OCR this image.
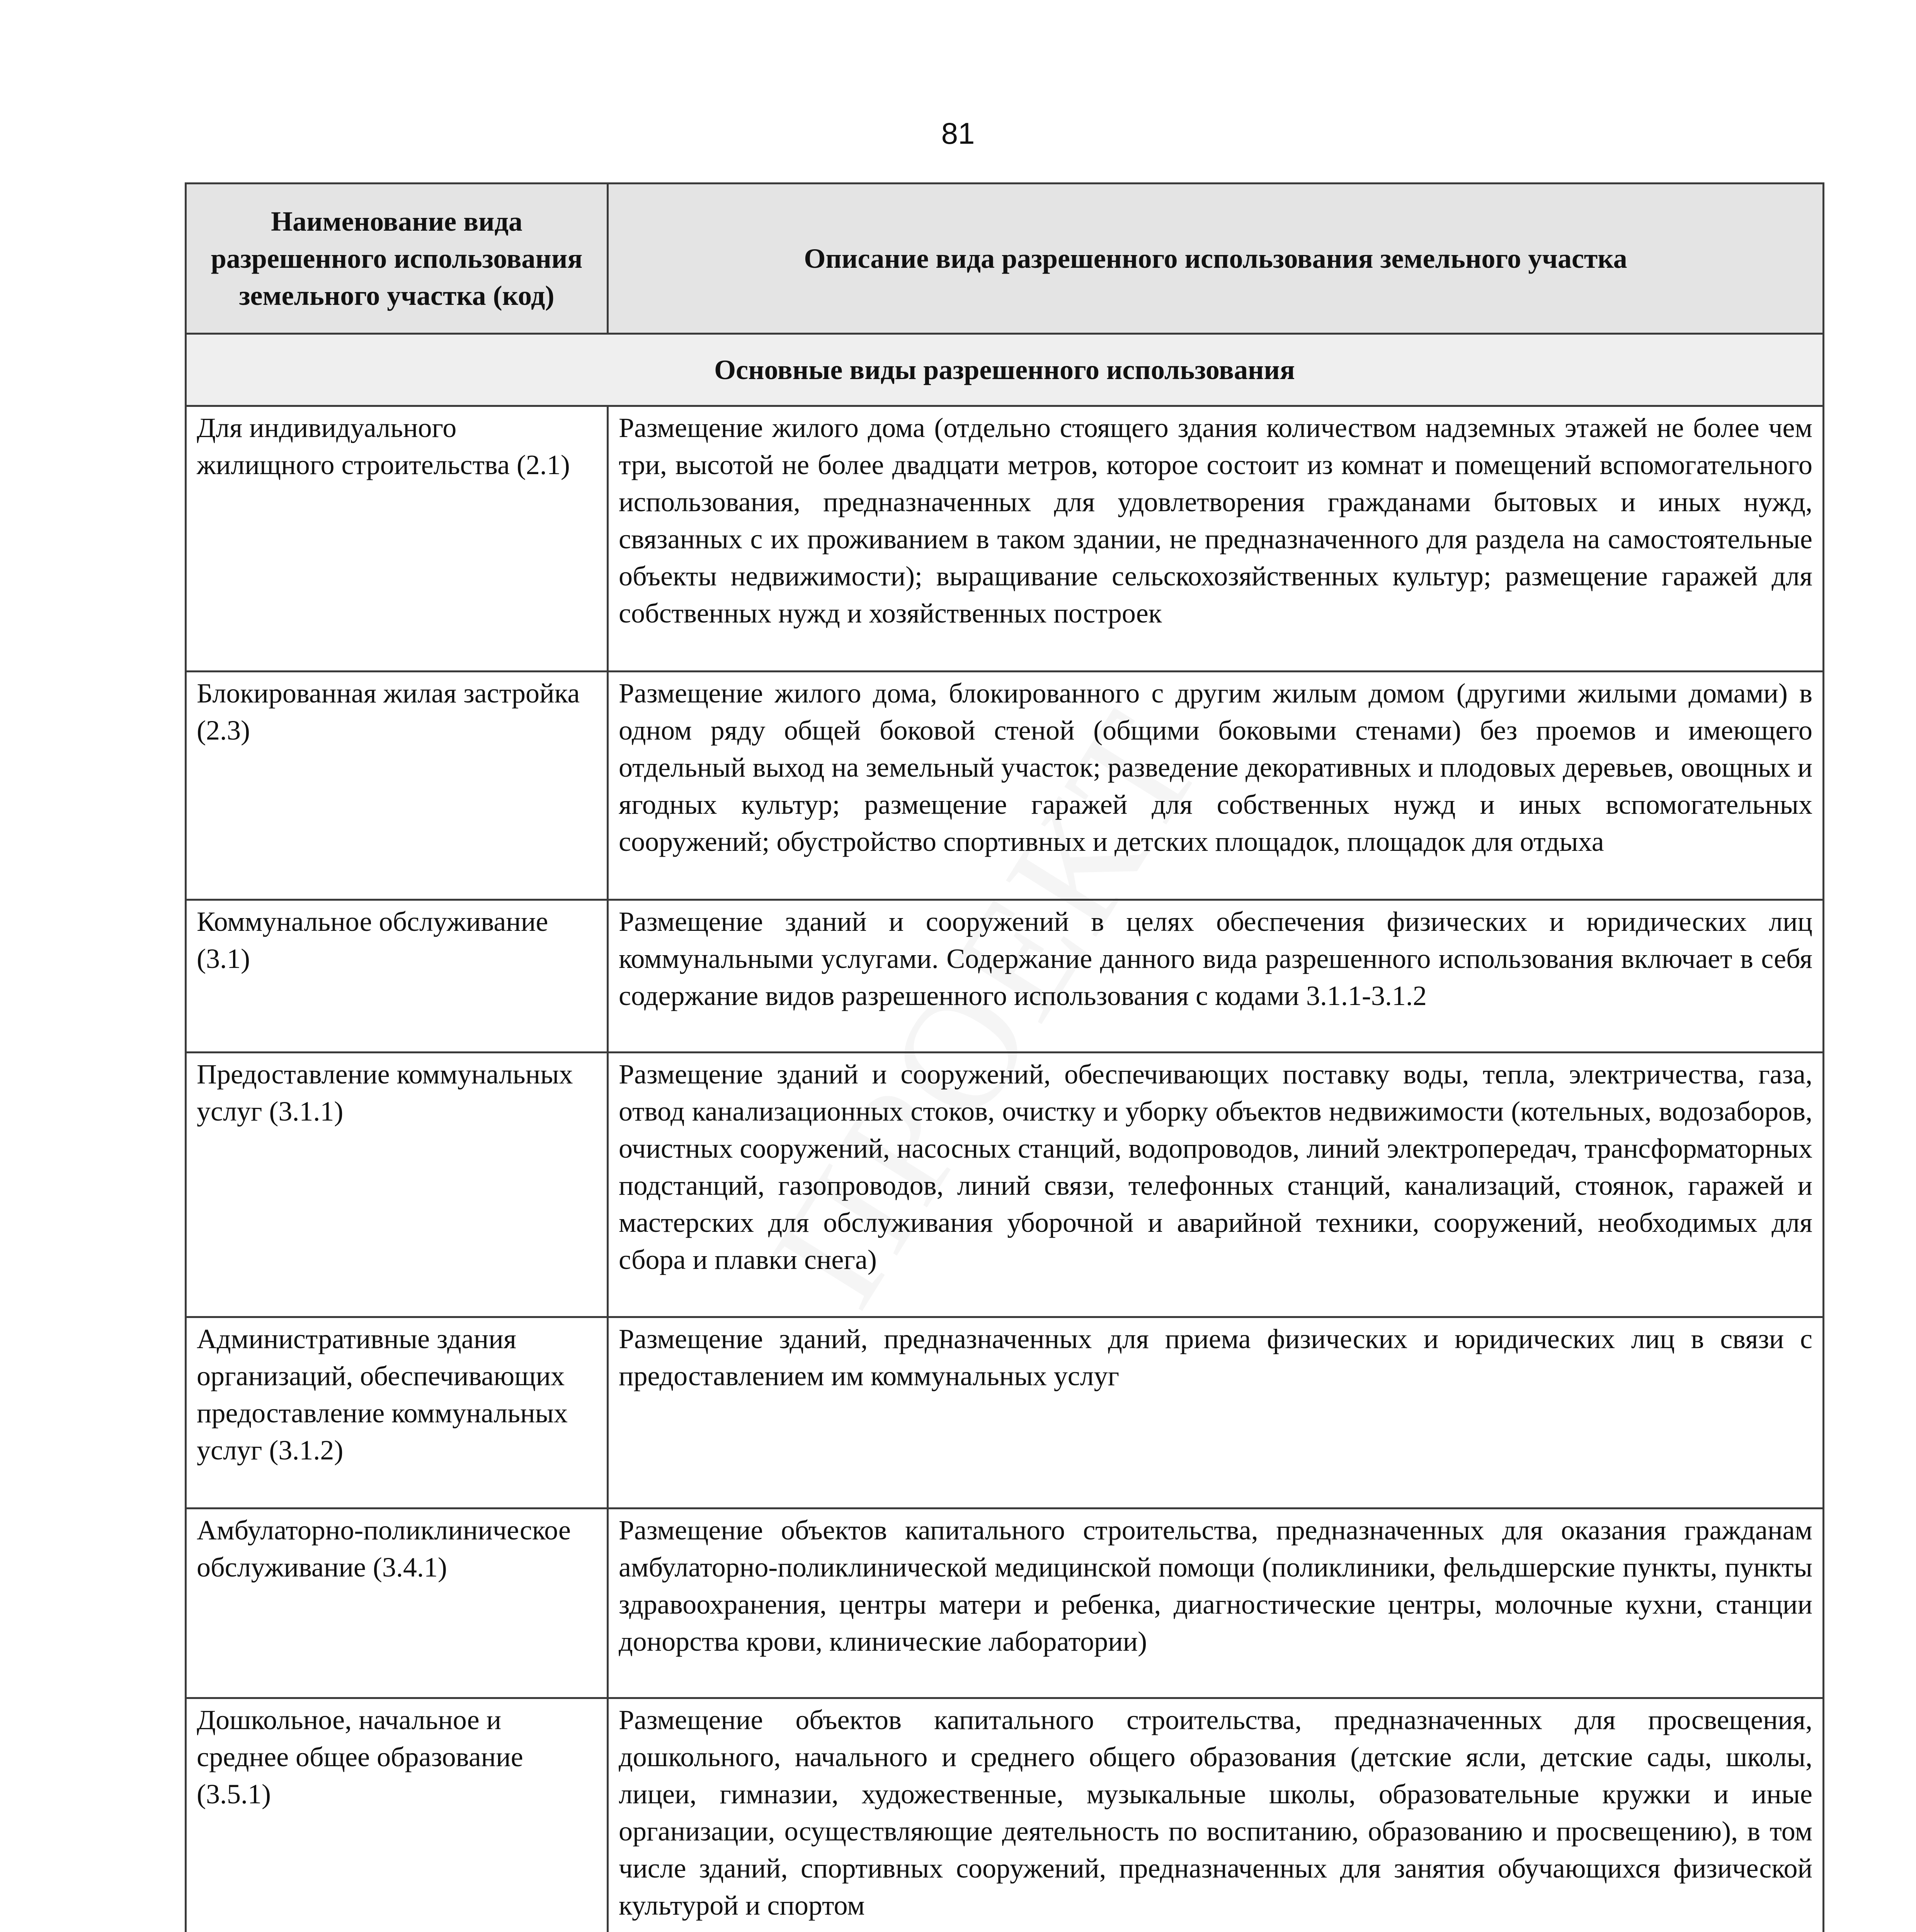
81
Наименование вида разрешенного использования земельного участка (код)	Описание вида разрешенного использования земельного участка
Основные виды разрешенного использования	
Для индивидуального жилищного строительства (2.1)	Размещение жилого дома (отдельно стоящего здания количеством надземных этажей не более чем три, высотой не более двадцати метров, которое состоит из комнат и помещений вспомогательного использования, предназначенных для удовлетворения гражданами бытовых и иных нужд, связанных с их проживанием в таком здании, не предназначенного для раздела на самостоятельные объекты недвижимости); выращивание сельскохозяйственных культур; размещение гаражей для собственных нужд и хозяйственных построек
Блокированная жилая застройка (2.3)	Размещение жилого дома, блокированного с другим жилым домом (другими жилыми домами) в одном ряду общей боковой стеной (общими боковыми стенами) без проемов и имеющего отдельный выход на земельный участок; разведение декоративных и плодовых деревьев, овощных и ягодных культур; размещение гаражей для собственных нужд и иных вспомогательных сооружений; обустройство спортивных и детских площадок, площадок для отдыха
Коммунальное обслуживание (3.1)	Размещение зданий и сооружений в целях обеспечения физических и юридических лиц коммунальными услугами. Содержание данного вида разрешенного использования включает в себя содержание видов разрешенного использования с кодами 3.1.1-3.1.2
Предоставление коммунальных услуг (3.1.1)	Размещение зданий и сооружений, обеспечивающих поставку воды, тепла, электричества, газа, отвод канализационных стоков, очистку и уборку объектов недвижимости (котельных, водозаборов, очистных сооружений, насосных станций, водопроводов, линий электропередач, трансформаторных подстанций, газопроводов, линий связи, телефонных станций, канализаций, стоянок, гаражей и мастерских для обслуживания уборочной и аварийной техники, сооружений, необходимых для сбора и плавки снега)
Административные здания организаций, обеспечивающих предоставление коммунальных услуг (3.1.2)	Размещение зданий, предназначенных для приема физических и юридических лиц в связи с предоставлением им коммунальных услуг
Амбулаторно-поликлиническое обслуживание (3.4.1)	Размещение объектов капитального строительства, предназначенных для оказания гражданам амбулаторно-поликлинической медицинской помощи (поликлиники, фельдшерские пункты, пункты здравоохранения, центры матери и ребенка, диагностические центры, молочные кухни, станции донорства крови, клинические лаборатории)
Дошкольное, начальное и среднее общее образование (3.5.1)	Размещение объектов капитального строительства, предназначенных для просвещения, дошкольного, начального и среднего общего образования (детские ясли, детские сады, школы, лицеи, гимназии, художественные, музыкальные школы, образовательные кружки и иные организации, осуществляющие деятельность по воспитанию, образованию и просвещению), в том числе зданий, спортивных сооружений, предназначенных для занятия обучающихся физической культурой и спортом
